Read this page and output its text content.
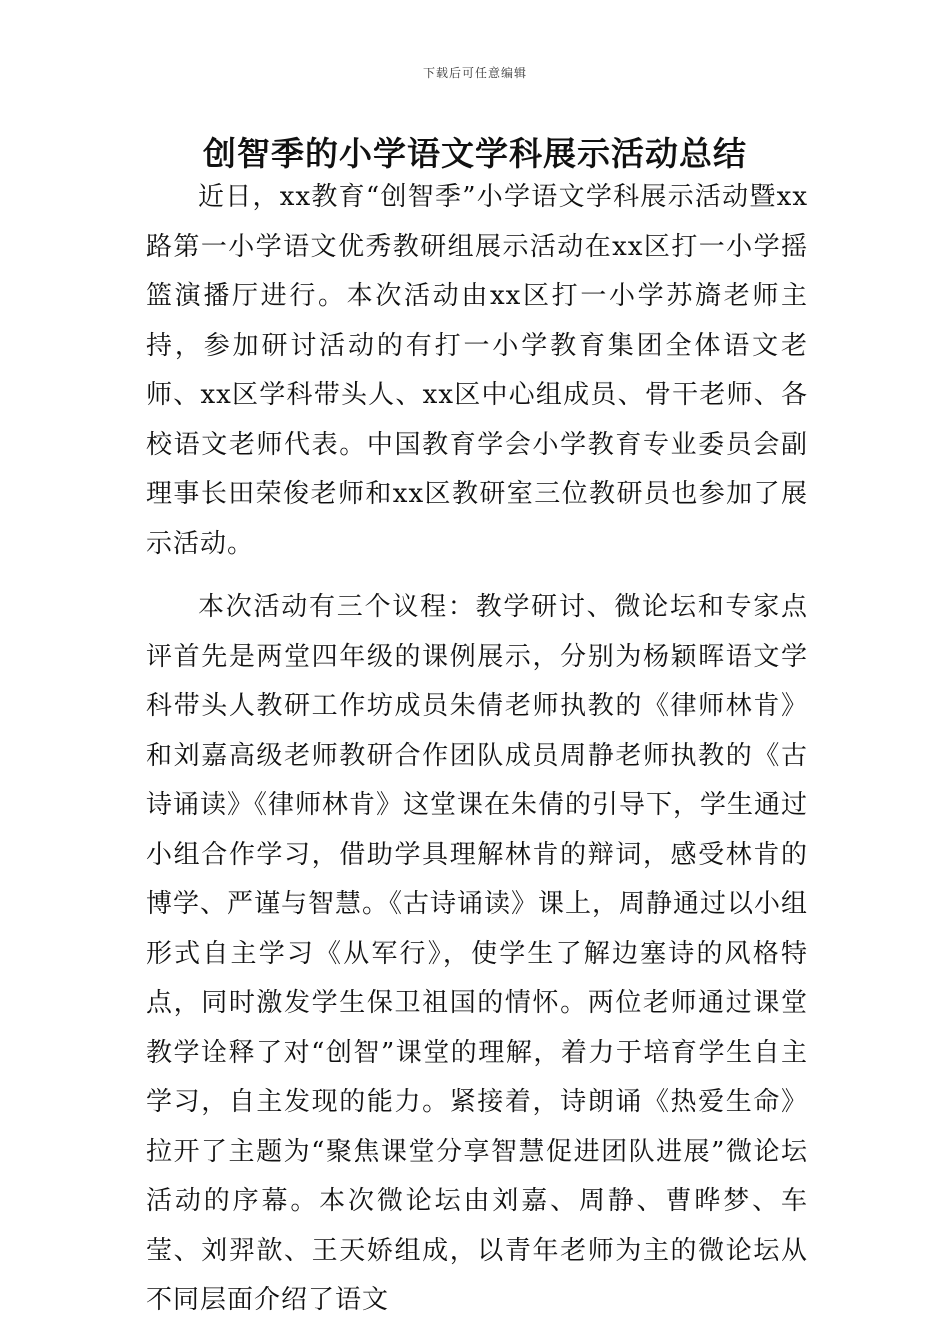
下载后可任意编辑
创智季的小学语文学科展示活动总结

近日，xx教育“创智季”小学语文学科展示活动暨xx路第一小学语文优秀教研组展示活动在xx区打一小学摇篮演播厅进行。本次活动由xx区打一小学苏旖老师主持，参加研讨活动的有打一小学教育集团全体语文老师、xx区学科带头人、xx区中心组成员、骨干老师、各校语文老师代表。中国教育学会小学教育专业委员会副理事长田荣俊老师和xx区教研室三位教研员也参加了展示活动。

本次活动有三个议程：教学研讨、微论坛和专家点评首先是两堂四年级的课例展示，分别为杨颖晖语文学科带头人教研工作坊成员朱倩老师执教的《律师林肯》和刘嘉高级老师教研合作团队成员周静老师执教的《古诗诵读》《律师林肯》这堂课在朱倩的引导下，学生通过小组合作学习，借助学具理解林肯的辩词，感受林肯的博学、严谨与智慧。《古诗诵读》课上，周静通过以小组形式自主学习《从军行》，使学生了解边塞诗的风格特点，同时激发学生保卫祖国的情怀。两位老师通过课堂教学诠释了对“创智”课堂的理解，着力于培育学生自主学习，自主发现的能力。紧接着，诗朗诵《热爱生命》拉开了主题为“聚焦课堂分享智慧促进团队进展”微论坛活动的序幕。本次微论坛由刘嘉、周静、曹晔梦、车莹、刘羿歆、王天娇组成，以青年老师为主的微论坛从不同层面介绍了语文
